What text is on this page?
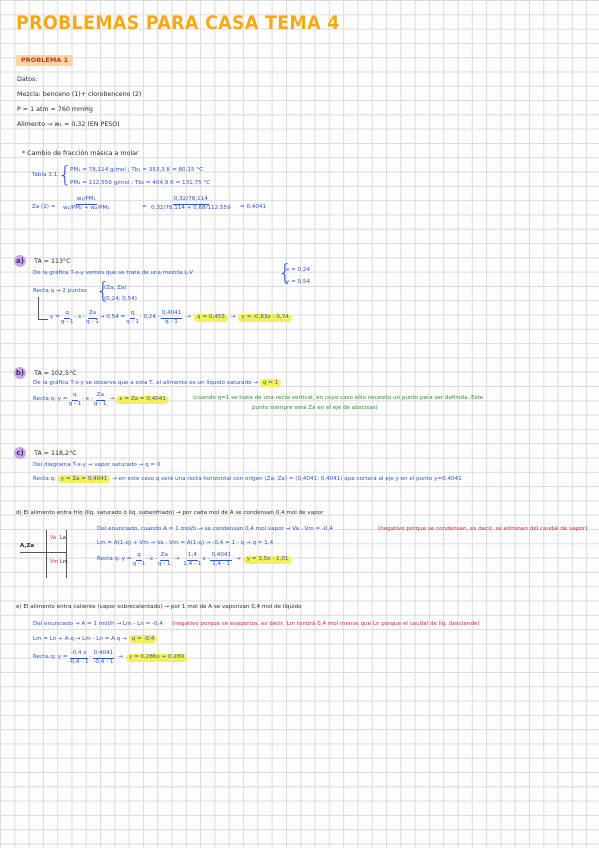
PROBLEMAS PARA CASA TEMA 4
PROBLEMA 1
Datos:
Mezcla: benceno (1)+ clorobenceno (2)
P = 1 atm = 760 mmHg
Alimento → w₁ = 0,32 (EN PESO)
* Cambio de fracción másica a molar
Tabla 3.1. {
PM₁ = 78,114 g/mol ; Tb₁ = 353,3 K = 80,15 °C
PM₂ = 112,559 g/mol ; Tb₂ = 404,9 K = 131,75 °C
Za $(1) = \frac{\text{w₁/PM₁}}{\text{w₁/PM₁ + w₂/PM₂}}$	= $\frac{0,32/78,114}{0,32/78,114 + 0,68/112,559} = 0,4041$
a) TA = 113°C
De la gráfica T-x-y vemos que se trata de una mezcla L-V	{
x = 0,24
y = 0,54
Recta q → 2 puntos {
(Za; Za)
(0,24; 0,54)
$y = \frac{q}{q - 1} \cdot x - \frac{Za}{q - 1} \to 0,54 = \frac{q}{q - 1} \cdot 0,24 - \frac{0,4041}{q - 1}$ →	q = 0,453	→	y = -0,83x - 0,74
b) TA = 102,5°C
De la gráfica T-x-y se observa que a esta T, el alimento es un líquido saturado → q = 1
Recta q:
$y = \frac{q}{q - 1} \cdot x - \frac{Za}{q - 1} \to x = Za = 0,4041$	(cuando q=1 se trata de una recta vertical, en cuyo caso sólo necesito un punto para ser definida. Este
punto siempre será Za en el eje de abscisas)
c) TA = 118,2°C
Del diagrama T-x-y → vapor saturado → q = 0
Recta q: y = Za = 0,4041 → en este caso q será una recta horizontal con origen (Za; Za) = (0,4041; 0,4041) que cortará al eje y en el punto y=0,4041
d) El alimento entra frío (líq. saturado ó líq. subenfriado) → por cada mol de A se condensan 0,4 mol de vapor
Del enunciado, cuando A = 1 mol/h → se condensan 0,4 mol vapor → Va - Vm = -0,4	(negativo porque se condensan, es decir, se eliminan del caudal de vapor)
A,Za
Va
Vm
La
Lm
Lm = A(1-q) + Vm → Va - Vm = A(1-q) → -0,4 = 1 - q → q = 1,4
Recta q:
$y = \frac{q}{q - 1} \cdot x - \frac{Za}{q - 1} \to \frac{1,4}{1,4 - 1}$ x - $\frac{0,4041}{1,4 - 1}$ →	y = 3,5x - 1,01
e) El alimento entra caliente (vapor sobrecalentado) → por 1 mol de A se vaporizan 0,4 mol de líquido
Del enunciado → A = 1 mol/h → Lm - Ln = -0,4 (negativo porque se evaporiza, es decir, Lm tendrá 0,4 mol menos que Ln porque el caudal de líq. desciende)
Lm = Ln + A·q → Lm - Ln = A·q → q = -0,4
Recta q:
$y = \frac{-0,4 x}{-0,4 - 1} - \frac{0,4041}{-0,4 - 1}$ →	y = 0,286x + 0,289
